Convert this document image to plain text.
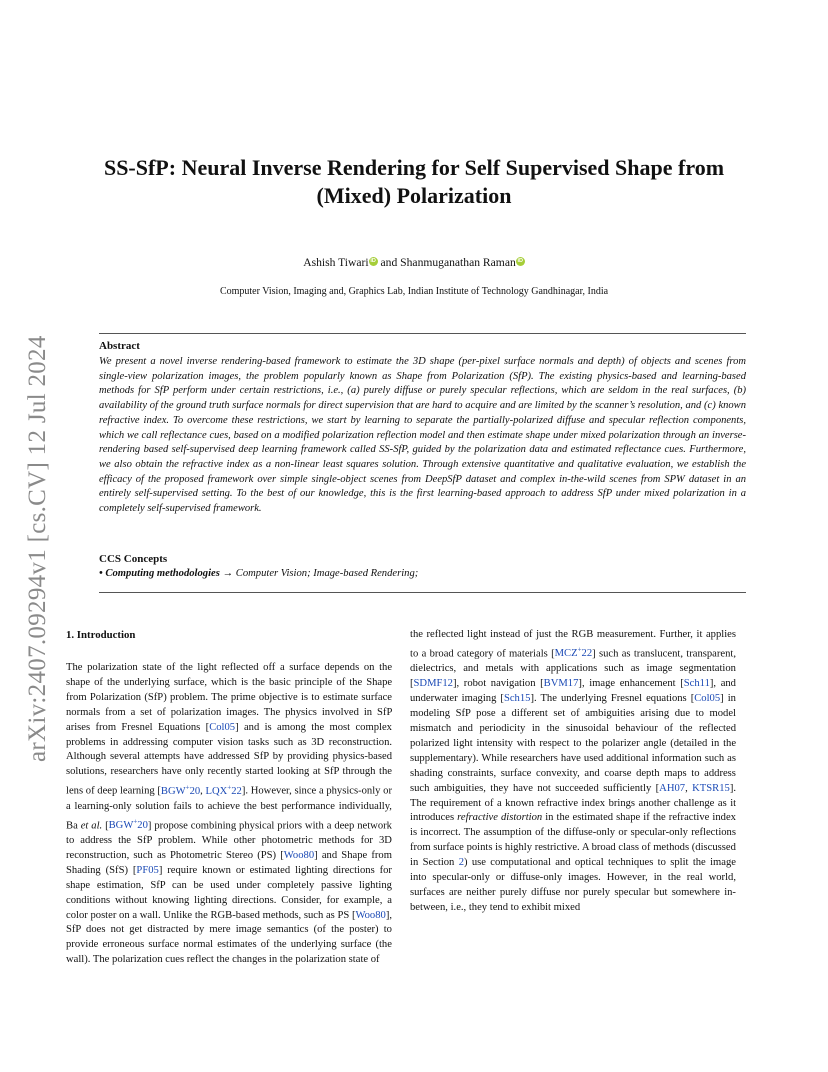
arXiv:2407.09294v1 [cs.CV] 12 Jul 2024
SS-SfP: Neural Inverse Rendering for Self Supervised Shape from
(Mixed) Polarization
Ashish Tiwari iD and Shanmuganathan Raman iD
Computer Vision, Imaging and, Graphics Lab, Indian Institute of Technology Gandhinagar, India
Abstract

We present a novel inverse rendering-based framework to estimate the 3D shape (per-pixel surface normals and depth) of objects and scenes from single-view polarization images, the problem popularly known as Shape from Polarization (SfP). The existing physics-based and learning-based methods for SfP perform under certain restrictions, i.e., (a) purely diffuse or purely specular reflections, which are seldom in the real surfaces, (b) availability of the ground truth surface normals for direct supervision that are hard to acquire and are limited by the scanner’s resolution, and (c) known refractive index. To overcome these restrictions, we start by learning to separate the partially-polarized diffuse and specular reflection components, which we call reflectance cues, based on a modified polarization reflection model and then estimate shape under mixed polarization through an inverse-rendering based self-supervised deep learning framework called SS-SfP, guided by the polarization data and estimated reflectance cues. Furthermore, we also obtain the refractive index as a non-linear least squares solution. Through extensive quantitative and qualitative evaluation, we establish the efficacy of the proposed framework over simple single-object scenes from DeepSfP dataset and complex in-the-wild scenes from SPW dataset in an entirely self-supervised setting. To the best of our knowledge, this is the first learning-based approach to address SfP under mixed polarization in a completely self-supervised framework.

CCS Concepts
• Computing methodologies → Computer Vision; Image-based Rendering;
1. Introduction

The polarization state of the light reflected off a surface depends on the shape of the underlying surface, which is the basic principle of the Shape from Polarization (SfP) problem. The prime objective is to estimate surface normals from a set of polarization images. The physics involved in SfP arises from Fresnel Equations [Col05] and is among the most complex problems in addressing computer vision tasks such as 3D reconstruction. Although several attempts have addressed SfP by providing physics-based solutions, researchers have only recently started looking at SfP through the lens of deep learning [BGW+20, LQX+22]. However, since a physics-only or a learning-only solution fails to achieve the best performance individually, Ba et al. [BGW+20] propose combining physical priors with a deep network to address the SfP problem. While other photometric methods for 3D reconstruction, such as Photometric Stereo (PS) [Woo80] and Shape from Shading (SfS) [PF05] require known or estimated lighting directions for shape estimation, SfP can be used under completely passive lighting conditions without knowing lighting directions. Consider, for example, a color poster on a wall. Unlike the RGB-based methods, such as PS [Woo80], SfP does not get distracted by mere image semantics (of the poster) to provide erroneous surface normal estimates of the underlying surface (the wall). The polarization cues reflect the changes in the polarization state of

the reflected light instead of just the RGB measurement. Further, it applies to a broad category of materials [MCZ+22] such as translucent, transparent, dielectrics, and metals with applications such as image segmentation [SDMF12], robot navigation [BVM17], image enhancement [Sch11], and underwater imaging [Sch15]. The underlying Fresnel equations [Col05] in modeling SfP pose a different set of ambiguities arising due to model mismatch and periodicity in the sinusoidal behaviour of the reflected polarized light intensity with respect to the polarizer angle (detailed in the supplementary). While researchers have used additional information such as shading constraints, surface convexity, and coarse depth maps to address such ambiguities, they have not succeeded sufficiently [AH07, KTSR15]. The requirement of a known refractive index brings another challenge as it introduces refractive distortion in the estimated shape if the refractive index is incorrect. The assumption of the diffuse-only or specular-only reflections from surface points is highly restrictive. A broad class of methods (discussed in Section 2) use computational and optical techniques to split the image into specular-only or diffuse-only images. However, in the real world, surfaces are neither purely diffuse nor purely specular but somewhere in-between, i.e., they tend to exhibit mixed
